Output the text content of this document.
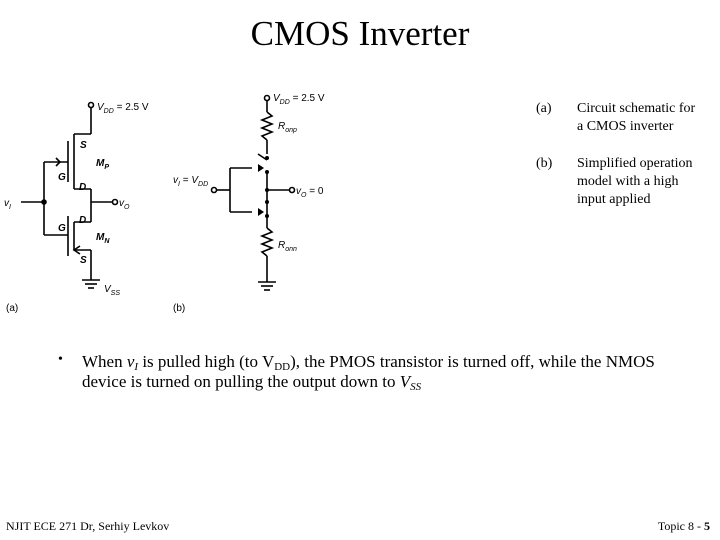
CMOS Inverter
$V_{DD} = 2.5$ V
S
G
D
$M_P$
$v_I$	$v_O$
D
G
$M_N$
S
$V_{SS}$
(a)
$V_{DD} = 2.5$ V
$R_{onp}$
$v_I = V_{DD}$
$v_O = 0$
$R_{onn}$
(b)
(a) Circuit schematic for a CMOS inverter
(b) Simplified operation model with a high input applied
• When $v_I$ is pulled high (to $V_{DD}$), the PMOS transistor is turned off, while the NMOS device is turned on pulling the output down to $V_{SS}$
NJIT ECE 271 Dr, Serhiy Levkov	Topic 8 - 5
